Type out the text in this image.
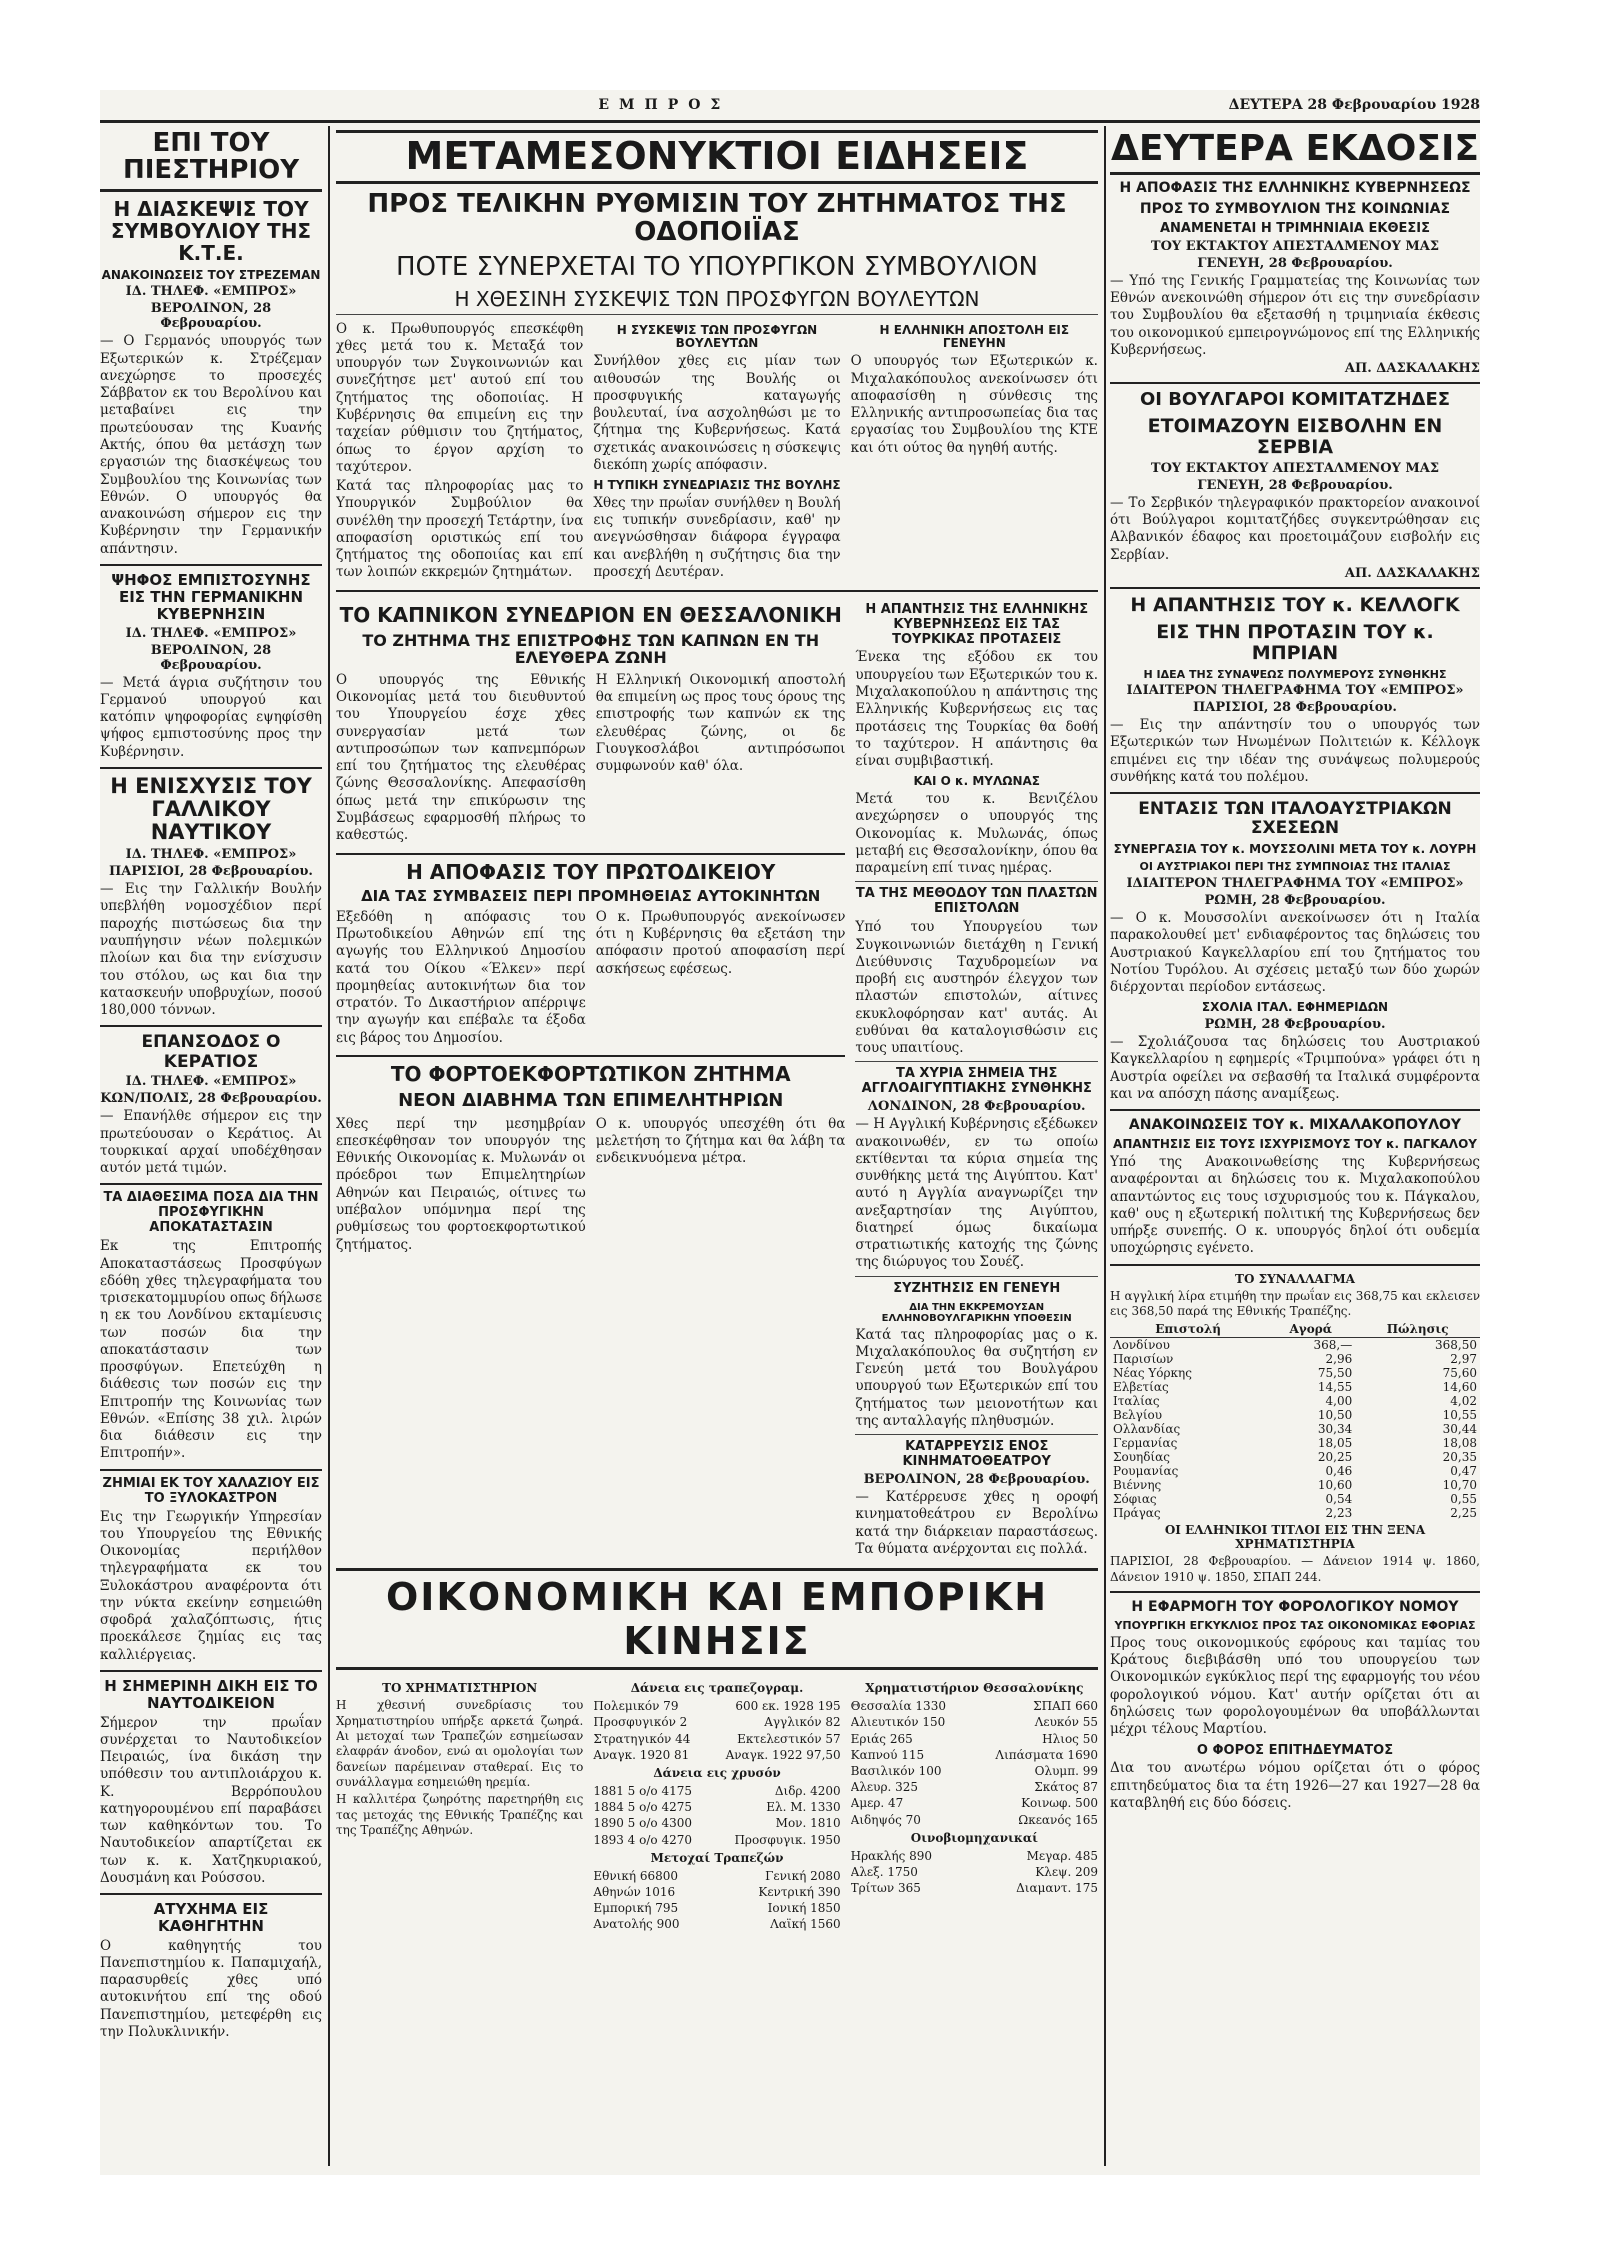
ΕΜΠΡΟΣ	ΔΕΥΤΕΡΑ 28 Φεβρουαρίου 1928
ΕΠΙ ΤΟΥ ΠΙΕΣΤΗΡΙΟΥ
Η ΔΙΑΣΚΕΨΙΣ ΤΟΥ ΣΥΜΒΟΥΛΙΟΥ ΤΗΣ Κ.Τ.Ε.
ΑΝΑΚΟΙΝΩΣΕΙΣ ΤΟΥ ΣΤΡΕΖΕΜΑΝ
ΙΔ. ΤΗΛΕΦ. «ΕΜΠΡΟΣ»
ΒΕΡΟΛΙΝΟΝ, 28 Φεβρουαρίου.

— Ο Γερμανός υπουργός των Εξωτερικών κ. Στρέζεμαν ανεχώρησε το προσεχές Σάββατον εκ του Βερολίνου και μεταβαίνει εις την πρωτεύουσαν της Κυανής Ακτής, όπου θα μετάσχη των εργασιών της διασκέψεως του Συμβουλίου της Κοινωνίας των Εθνών. Ο υπουργός θα ανακοινώση σήμερον εις την Κυβέρνησιν την Γερμανικήν απάντησιν.

ΨΗΦΟΣ ΕΜΠΙΣΤΟΣΥΝΗΣ ΕΙΣ ΤΗΝ ΓΕΡΜΑΝΙΚΗΝ ΚΥΒΕΡΝΗΣΙΝ
ΙΔ. ΤΗΛΕΦ. «ΕΜΠΡΟΣ»
ΒΕΡΟΛΙΝΟΝ, 28 Φεβρουαρίου.

— Μετά άγρια συζήτησιν του Γερμανού υπουργού και κατόπιν ψηφοφορίας εψηφίσθη ψήφος εμπιστοσύνης προς την Κυβέρνησιν.

Η ΕΝΙΣΧΥΣΙΣ ΤΟΥ ΓΑΛΛΙΚΟΥ ΝΑΥΤΙΚΟΥ
ΙΔ. ΤΗΛΕΦ. «ΕΜΠΡΟΣ»
ΠΑΡΙΣΙΟΙ, 28 Φεβρουαρίου.

— Εις την Γαλλικήν Βουλήν υπεβλήθη νομοσχέδιον περί παροχής πιστώσεως δια την ναυπήγησιν νέων πολεμικών πλοίων και δια την ενίσχυσιν του στόλου, ως και δια την κατασκευήν υποβρυχίων, ποσού 180,000 τόννων.

ΕΠΑΝΣΟΔΟΣ Ο ΚΕΡΑΤΙΟΣ
ΙΔ. ΤΗΛΕΦ. «ΕΜΠΡΟΣ»
ΚΩΝ/ΠΟΛΙΣ, 28 Φεβρουαρίου.

— Επανήλθε σήμερον εις την πρωτεύουσαν ο Κεράτιος. Αι τουρκικαί αρχαί υποδέχθησαν αυτόν μετά τιμών.

ΤΑ ΔΙΑΘΕΣΙΜΑ ΠΟΣΑ ΔΙΑ ΤΗΝ ΠΡΟΣΦΥΓΙΚΗΝ ΑΠΟΚΑΤΑΣΤΑΣΙΝ

Εκ της Επιτροπής Αποκαταστάσεως Προσφύγων εδόθη χθες τηλεγραφήματα του τρισεκατομμυρίου οπως δήλωσε η εκ του Λονδίνου εκταμίευσις των ποσών δια την αποκατάστασιν των προσφύγων. Επετεύχθη η διάθεσις των ποσών εις την Επιτροπήν της Κοινωνίας των Εθνών. «Επίσης 38 χιλ. λιρών δια διάθεσιν εις την Επιτροπήν».

ΖΗΜΙΑΙ ΕΚ ΤΟΥ ΧΑΛΑΖΙΟΥ ΕΙΣ ΤΟ ΞΥΛΟΚΑΣΤΡΟΝ

Εις την Γεωργικήν Υπηρεσίαν του Υπουργείου της Εθνικής Οικονομίας περιήλθον τηλεγραφήματα εκ του Ξυλοκάστρου αναφέροντα ότι την νύκτα εκείνην εσημειώθη σφοδρά χαλαζόπτωσις, ήτις προεκάλεσε ζημίας εις τας καλλιέργειας.

Η ΣΗΜΕΡΙΝΗ ΔΙΚΗ ΕΙΣ ΤΟ ΝΑΥΤΟΔΙΚΕΙΟΝ

Σήμερον την πρωΐαν συνέρχεται το Ναυτοδικείον Πειραιώς, ίνα δικάση την υπόθεσιν του αντιπλοιάρχου κ. Κ. Βερρόπουλου κατηγορουμένου επί παραβάσει των καθηκόντων του. Το Ναυτοδικείον απαρτίζεται εκ των κ. κ. Χατζηκυριακού, Δουσμάνη και Ρούσσου.

ΑΤΥΧΗΜΑ ΕΙΣ ΚΑΘΗΓΗΤΗΝ

Ο καθηγητής του Πανεπιστημίου κ. Παπαμιχαήλ, παρασυρθείς χθες υπό αυτοκινήτου επί της οδού Πανεπιστημίου, μετεφέρθη εις την Πολυκλινικήν.

ΜΕΤΑΜΕΣΟΝΥΚΤΙΟΙ ΕΙΔΗΣΕΙΣ
ΠΡΟΣ ΤΕΛΙΚΗΝ ΡΥΘΜΙΣΙΝ ΤΟΥ ΖΗΤΗΜΑΤΟΣ ΤΗΣ ΟΔΟΠΟΙΪΑΣ
ΠΟΤΕ ΣΥΝΕΡΧΕΤΑΙ ΤΟ ΥΠΟΥΡΓΙΚΟΝ ΣΥΜΒΟΥΛΙΟΝ
Η ΧΘΕΣΙΝΗ ΣΥΣΚΕΨΙΣ ΤΩΝ ΠΡΟΣΦΥΓΩΝ ΒΟΥΛΕΥΤΩΝ

Ο κ. Πρωθυπουργός επεσκέφθη χθες μετά του κ. Μεταξά τον υπουργόν των Συγκοινωνιών και συνεζήτησε μετ' αυτού επί του ζητήματος της οδοποιίας. Η Κυβέρνησις θα επιμείνη εις την ταχείαν ρύθμισιν του ζητήματος, όπως το έργον αρχίση το ταχύτερον.

Κατά τας πληροφορίας μας το Υπουργικόν Συμβούλιον θα συνέλθη την προσεχή Τετάρτην, ίνα αποφασίση οριστικώς επί του ζητήματος της οδοποιίας και επί των λοιπών εκκρεμών ζητημάτων.

Η ΣΥΣΚΕΨΙΣ ΤΩΝ ΠΡΟΣΦΥΓΩΝ ΒΟΥΛΕΥΤΩΝ

Συνήλθον χθες εις μίαν των αιθουσών της Βουλής οι προσφυγικής καταγωγής βουλευταί, ίνα ασχοληθώσι με το ζήτημα της Κυβερνήσεως. Κατά σχετικάς ανακοινώσεις η σύσκεψις διεκόπη χωρίς απόφασιν.

Η ΤΥΠΙΚΗ ΣΥΝΕΔΡΙΑΣΙΣ ΤΗΣ ΒΟΥΛΗΣ

Χθες την πρωΐαν συνήλθεν η Βουλή εις τυπικήν συνεδρίασιν, καθ' ην ανεγνώσθησαν διάφορα έγγραφα και ανεβλήθη η συζήτησις δια την προσεχή Δευτέραν.

Η ΕΛΛΗΝΙΚΗ ΑΠΟΣΤΟΛΗ ΕΙΣ ΓΕΝΕΥΗΝ

Ο υπουργός των Εξωτερικών κ. Μιχαλακόπουλος ανεκοίνωσεν ότι αποφασίσθη η σύνθεσις της Ελληνικής αντιπροσωπείας δια τας εργασίας του Συμβουλίου της ΚΤΕ και ότι ούτος θα ηγηθή αυτής.

ΤΟ ΚΑΠΝΙΚΟΝ ΣΥΝΕΔΡΙΟΝ ΕΝ ΘΕΣΣΑΛΟΝΙΚΗ
ΤΟ ΖΗΤΗΜΑ ΤΗΣ ΕΠΙΣΤΡΟΦΗΣ ΤΩΝ ΚΑΠΝΩΝ ΕΝ ΤΗ ΕΛΕΥΘΕΡΑ ΖΩΝΗ

Ο υπουργός της Εθνικής Οικονομίας μετά του διευθυντού του Υπουργείου έσχε χθες συνεργασίαν μετά των αντιπροσώπων των καπνεμπόρων επί του ζητήματος της ελευθέρας ζώνης Θεσσαλονίκης. Απεφασίσθη όπως μετά την επικύρωσιν της Συμβάσεως εφαρμοσθή πλήρως το καθεστώς.

Η Ελληνική Οικονομική αποστολή θα επιμείνη ως προς τους όρους της επιστροφής των καπνών εκ της ελευθέρας ζώνης, οι δε Γιουγκοσλάβοι αντιπρόσωποι συμφωνούν καθ' όλα.

Η ΑΠΟΦΑΣΙΣ ΤΟΥ ΠΡΩΤΟΔΙΚΕΙΟΥ
ΔΙΑ ΤΑΣ ΣΥΜΒΑΣΕΙΣ ΠΕΡΙ ΠΡΟΜΗΘΕΙΑΣ ΑΥΤΟΚΙΝΗΤΩΝ

Εξεδόθη η απόφασις του Πρωτοδικείου Αθηνών επί της αγωγής του Ελληνικού Δημοσίου κατά του Οίκου «Έλκεν» περί προμηθείας αυτοκινήτων δια τον στρατόν. Το Δικαστήριον απέρριψε την αγωγήν και επέβαλε τα έξοδα εις βάρος του Δημοσίου.

Ο κ. Πρωθυπουργός ανεκοίνωσεν ότι η Κυβέρνησις θα εξετάση την απόφασιν προτού αποφασίση περί ασκήσεως εφέσεως.

ΤΟ ΦΟΡΤΟΕΚΦΟΡΤΩΤΙΚΟΝ ΖΗΤΗΜΑ
ΝΕΟΝ ΔΙΑΒΗΜΑ ΤΩΝ ΕΠΙΜΕΛΗΤΗΡΙΩΝ

Χθες περί την μεσημβρίαν επεσκέφθησαν τον υπουργόν της Εθνικής Οικονομίας κ. Μυλωνάν οι πρόεδροι των Επιμελητηρίων Αθηνών και Πειραιώς, οίτινες τω υπέβαλον υπόμνημα περί της ρυθμίσεως του φορτοεκφορτωτικού ζητήματος.

Ο κ. υπουργός υπεσχέθη ότι θα μελετήση το ζήτημα και θα λάβη τα ενδεικνυόμενα μέτρα.

Η ΑΠΑΝΤΗΣΙΣ ΤΗΣ ΕΛΛΗΝΙΚΗΣ ΚΥΒΕΡΝΗΣΕΩΣ ΕΙΣ ΤΑΣ ΤΟΥΡΚΙΚΑΣ ΠΡΟΤΑΣΕΙΣ

Ένεκα της εξόδου εκ του υπουργείου των Εξωτερικών του κ. Μιχαλακοπούλου η απάντησις της Ελληνικής Κυβερνήσεως εις τας προτάσεις της Τουρκίας θα δοθή το ταχύτερον. Η απάντησις θα είναι συμβιβαστική.

ΚΑΙ Ο κ. ΜΥΛΩΝΑΣ

Μετά του κ. Βενιζέλου ανεχώρησεν ο υπουργός της Οικονομίας κ. Μυλωνάς, όπως μεταβή εις Θεσσαλονίκην, όπου θα παραμείνη επί τινας ημέρας.

ΤΑ ΤΗΣ ΜΕΘΟΔΟΥ ΤΩΝ ΠΛΑΣΤΩΝ ΕΠΙΣΤΟΛΩΝ

Υπό του Υπουργείου των Συγκοινωνιών διετάχθη η Γενική Διεύθυνσις Ταχυδρομείων να προβή εις αυστηρόν έλεγχον των πλαστών επιστολών, αίτινες εκυκλοφόρησαν κατ' αυτάς. Αι ευθύναι θα καταλογισθώσιν εις τους υπαιτίους.

ΤΑ ΧΥΡΙΑ ΣΗΜΕΙΑ ΤΗΣ ΑΓΓΛΟΑΙΓΥΠΤΙΑΚΗΣ ΣΥΝΘΗΚΗΣ
ΛΟΝΔΙΝΟΝ, 28 Φεβρουαρίου.

— Η Αγγλική Κυβέρνησις εξέδωκεν ανακοινωθέν, εν τω οποίω εκτίθενται τα κύρια σημεία της συνθήκης μετά της Αιγύπτου. Κατ' αυτό η Αγγλία αναγνωρίζει την ανεξαρτησίαν της Αιγύπτου, διατηρεί όμως δικαίωμα στρατιωτικής κατοχής της ζώνης της διώρυγος του Σουέζ.

ΣΥΖΗΤΗΣΙΣ ΕΝ ΓΕΝΕΥΗ
ΔΙΑ ΤΗΝ ΕΚΚΡΕΜΟΥΣΑΝ ΕΛΛΗΝΟΒΟΥΛΓΑΡΙΚΗΝ ΥΠΟΘΕΣΙΝ

Κατά τας πληροφορίας μας ο κ. Μιχαλακόπουλος θα συζητήση εν Γενεύη μετά του Βουλγάρου υπουργού των Εξωτερικών επί του ζητήματος των μειονοτήτων και της ανταλλαγής πληθυσμών.

ΚΑΤΑΡΡΕΥΣΙΣ ΕΝΟΣ ΚΙΝΗΜΑΤΟΘΕΑΤΡΟΥ
ΒΕΡΟΛΙΝΟΝ, 28 Φεβρουαρίου.

— Κατέρρευσε χθες η οροφή κινηματοθεάτρου εν Βερολίνω κατά την διάρκειαν παραστάσεως. Τα θύματα ανέρχονται εις πολλά.

ΟΙΚΟΝΟΜΙΚΗ ΚΑΙ ΕΜΠΟΡΙΚΗ ΚΙΝΗΣΙΣ
ΤΟ ΧΡΗΜΑΤΙΣΤΗΡΙΟΝ

Η χθεσινή συνεδρίασις του Χρηματιστηρίου υπήρξε αρκετά ζωηρά. Αι μετοχαί των Τραπεζών εσημείωσαν ελαφράν άνοδον, ενώ αι ομολογίαι των δανείων παρέμειναν σταθεραί. Εις το συνάλλαγμα εσημειώθη ηρεμία.

Η καλλιτέρα ζωηρότης παρετηρήθη εις τας μετοχάς της Εθνικής Τραπέζης και της Τραπέζης Αθηνών.

Δάνεια εις τραπεζογραμ.
Πολεμικόν 79	600 εκ. 1928 195
Προσφυγικόν 2	Αγγλικόν 82
Στρατηγικόν 44	Εκτελεστικόν 57
Αναγκ. 1920 81	Αναγκ. 1922 97,50
Δάνεια εις χρυσόν
1881 5 ο/ο 4175	Διδρ. 4200
1884 5 ο/ο 4275	Ελ. Μ. 1330
1890 5 ο/ο 4300	Μον. 1810
1893 4 ο/ο 4270	Προσφυγικ. 1950
Μετοχαί Τραπεζών
Εθνική 66800	Γενική 2080
Αθηνών 1016	Κεντρική 390
Εμπορική 795	Ιονική 1850
Ανατολής 900	Λαϊκή 1560
Χρηματιστήριον Θεσσαλονίκης
Θεσσαλία 1330	ΣΠΑΠ 660
Αλιευτικόν 150	Λευκόν 55
Εριάς 265	Ηλιος 50
Καπνού 115	Λιπάσματα 1690
Βασιλικόν 100	Ολυμπ. 99
Αλευρ. 325	Σκάτος 87
Αμερ. 47	Κοινωφ. 500
Αιδηψός 70	Ωκεανός 165
Οινοβιομηχανικαί
Ηρακλής 890	Μεγαρ. 485
Αλεξ. 1750	Κλεψ. 209
Τρίτων 365	Διαμαντ. 175
ΔΕΥΤΕΡΑ ΕΚΔΟΣΙΣ
Η ΑΠΟΦΑΣΙΣ ΤΗΣ ΕΛΛΗΝΙΚΗΣ ΚΥΒΕΡΝΗΣΕΩΣ
ΠΡΟΣ ΤΟ ΣΥΜΒΟΥΛΙΟΝ ΤΗΣ ΚΟΙΝΩΝΙΑΣ
ΑΝΑΜΕΝΕΤΑΙ Η ΤΡΙΜΗΝΙΑΙΑ ΕΚΘΕΣΙΣ
ΤΟΥ ΕΚΤΑΚΤΟΥ ΑΠΕΣΤΑΛΜΕΝΟΥ ΜΑΣ
ΓΕΝΕΥΗ, 28 Φεβρουαρίου.

— Υπό της Γενικής Γραμματείας της Κοινωνίας των Εθνών ανεκοινώθη σήμερον ότι εις την συνεδρίασιν του Συμβουλίου θα εξετασθή η τριμηνιαία έκθεσις του οικονομικού εμπειρογνώμονος επί της Ελληνικής Κυβερνήσεως.

ΑΠ. ΔΑΣΚΑΛΑΚΗΣ
ΟΙ ΒΟΥΛΓΑΡΟΙ ΚΟΜΙΤΑΤΖΗΔΕΣ
ΕΤΟΙΜΑΖΟΥΝ ΕΙΣΒΟΛΗΝ ΕΝ ΣΕΡΒΙΑ
ΤΟΥ ΕΚΤΑΚΤΟΥ ΑΠΕΣΤΑΛΜΕΝΟΥ ΜΑΣ
ΓΕΝΕΥΗ, 28 Φεβρουαρίου.

— Το Σερβικόν τηλεγραφικόν πρακτορείον ανακοινοί ότι Βούλγαροι κομιτατζήδες συγκεντρώθησαν εις Αλβανικόν έδαφος και προετοιμάζουν εισβολήν εις Σερβίαν.

ΑΠ. ΔΑΣΚΑΛΑΚΗΣ
Η ΑΠΑΝΤΗΣΙΣ ΤΟΥ κ. ΚΕΛΛΟΓΚ
ΕΙΣ ΤΗΝ ΠΡΟΤΑΣΙΝ ΤΟΥ κ. ΜΠΡΙΑΝ
Η ΙΔΕΑ ΤΗΣ ΣΥΝΑΨΕΩΣ ΠΟΛΥΜΕΡΟΥΣ ΣΥΝΘΗΚΗΣ
ΙΔΙΑΙΤΕΡΟΝ ΤΗΛΕΓΡΑΦΗΜΑ ΤΟΥ «ΕΜΠΡΟΣ»
ΠΑΡΙΣΙΟΙ, 28 Φεβρουαρίου.

— Εις την απάντησίν του ο υπουργός των Εξωτερικών των Ηνωμένων Πολιτειών κ. Κέλλογκ επιμένει εις την ιδέαν της συνάψεως πολυμερούς συνθήκης κατά του πολέμου.

ΕΝΤΑΣΙΣ ΤΩΝ ΙΤΑΛΟΑΥΣΤΡΙΑΚΩΝ ΣΧΕΣΕΩΝ
ΣΥΝΕΡΓΑΣΙΑ ΤΟΥ κ. ΜΟΥΣΣΟΛΙΝΙ ΜΕΤΑ ΤΟΥ κ. ΛΟΥΡΗ
ΟΙ ΑΥΣΤΡΙΑΚΟΙ ΠΕΡΙ ΤΗΣ ΣΥΜΠΝΟΙΑΣ ΤΗΣ ΙΤΑΛΙΑΣ
ΙΔΙΑΙΤΕΡΟΝ ΤΗΛΕΓΡΑΦΗΜΑ ΤΟΥ «ΕΜΠΡΟΣ»
ΡΩΜΗ, 28 Φεβρουαρίου.

— Ο κ. Μουσσολίνι ανεκοίνωσεν ότι η Ιταλία παρακολουθεί μετ' ενδιαφέροντος τας δηλώσεις του Αυστριακού Καγκελλαρίου επί του ζητήματος του Νοτίου Τυρόλου. Αι σχέσεις μεταξύ των δύο χωρών διέρχονται περίοδον εντάσεως.

ΣΧΟΛΙΑ ΙΤΑΛ. ΕΦΗΜΕΡΙΔΩΝ
ΡΩΜΗ, 28 Φεβρουαρίου.

— Σχολιάζουσα τας δηλώσεις του Αυστριακού Καγκελλαρίου η εφημερίς «Τριμπούνα» γράφει ότι η Αυστρία οφείλει να σεβασθή τα Ιταλικά συμφέροντα και να απόσχη πάσης αναμίξεως.

ΑΝΑΚΟΙΝΩΣΕΙΣ ΤΟΥ κ. ΜΙΧΑΛΑΚΟΠΟΥΛΟΥ
ΑΠΑΝΤΗΣΙΣ ΕΙΣ ΤΟΥΣ ΙΣΧΥΡΙΣΜΟΥΣ ΤΟΥ κ. ΠΑΓΚΑΛΟΥ

Υπό της Ανακοινωθείσης της Κυβερνήσεως αναφέρονται αι δηλώσεις του κ. Μιχαλακοπούλου απαντώντος εις τους ισχυρισμούς του κ. Πάγκαλου, καθ' ους η εξωτερική πολιτική της Κυβερνήσεως δεν υπήρξε συνεπής. Ο κ. υπουργός δηλοί ότι ουδεμία υποχώρησις εγένετο.

ΤΟ ΣΥΝΑΛΛΑΓΜΑ

Η αγγλική λίρα ετιμήθη την πρωΐαν εις 368,75 και εκλεισεν εις 368,50 παρά της Εθνικής Τραπέζης.

Επιστολή	Αγορά	Πώλησις
Λονδίνου	368,—	368,50
Παρισίων	2,96	2,97
Νέας Υόρκης	75,50	75,60
Ελβετίας	14,55	14,60
Ιταλίας	4,00	4,02
Βελγίου	10,50	10,55
Ολλανδίας	30,34	30,44
Γερμανίας	18,05	18,08
Σουηδίας	20,25	20,35
Ρουμανίας	0,46	0,47
Βιέννης	10,60	10,70
Σόφιας	0,54	0,55
Πράγας	2,23	2,25
ΟΙ ΕΛΛΗΝΙΚΟΙ ΤΙΤΛΟΙ ΕΙΣ ΤΗΝ ΞΕΝΑ ΧΡΗΜΑΤΙΣΤΗΡΙΑ

ΠΑΡΙΣΙΟΙ, 28 Φεβρουαρίου. — Δάνειον 1914 ψ. 1860, Δάνειον 1910 ψ. 1850, ΣΠΑΠ 244.

Η ΕΦΑΡΜΟΓΗ ΤΟΥ ΦΟΡΟΛΟΓΙΚΟΥ ΝΟΜΟΥ
ΥΠΟΥΡΓΙΚΗ ΕΓΚΥΚΛΙΟΣ ΠΡΟΣ ΤΑΣ ΟΙΚΟΝΟΜΙΚΑΣ ΕΦΟΡΙΑΣ

Προς τους οικονομικούς εφόρους και ταμίας του Κράτους διεβιβάσθη υπό του υπουργείου των Οικονομικών εγκύκλιος περί της εφαρμογής του νέου φορολογικού νόμου. Κατ' αυτήν ορίζεται ότι αι δηλώσεις των φορολογουμένων θα υποβάλλωνται μέχρι τέλους Μαρτίου.

Ο ΦΟΡΟΣ ΕΠΙΤΗΔΕΥΜΑΤΟΣ

Δια του ανωτέρω νόμου ορίζεται ότι ο φόρος επιτηδεύματος δια τα έτη 1926—27 και 1927—28 θα καταβληθή εις δύο δόσεις.
